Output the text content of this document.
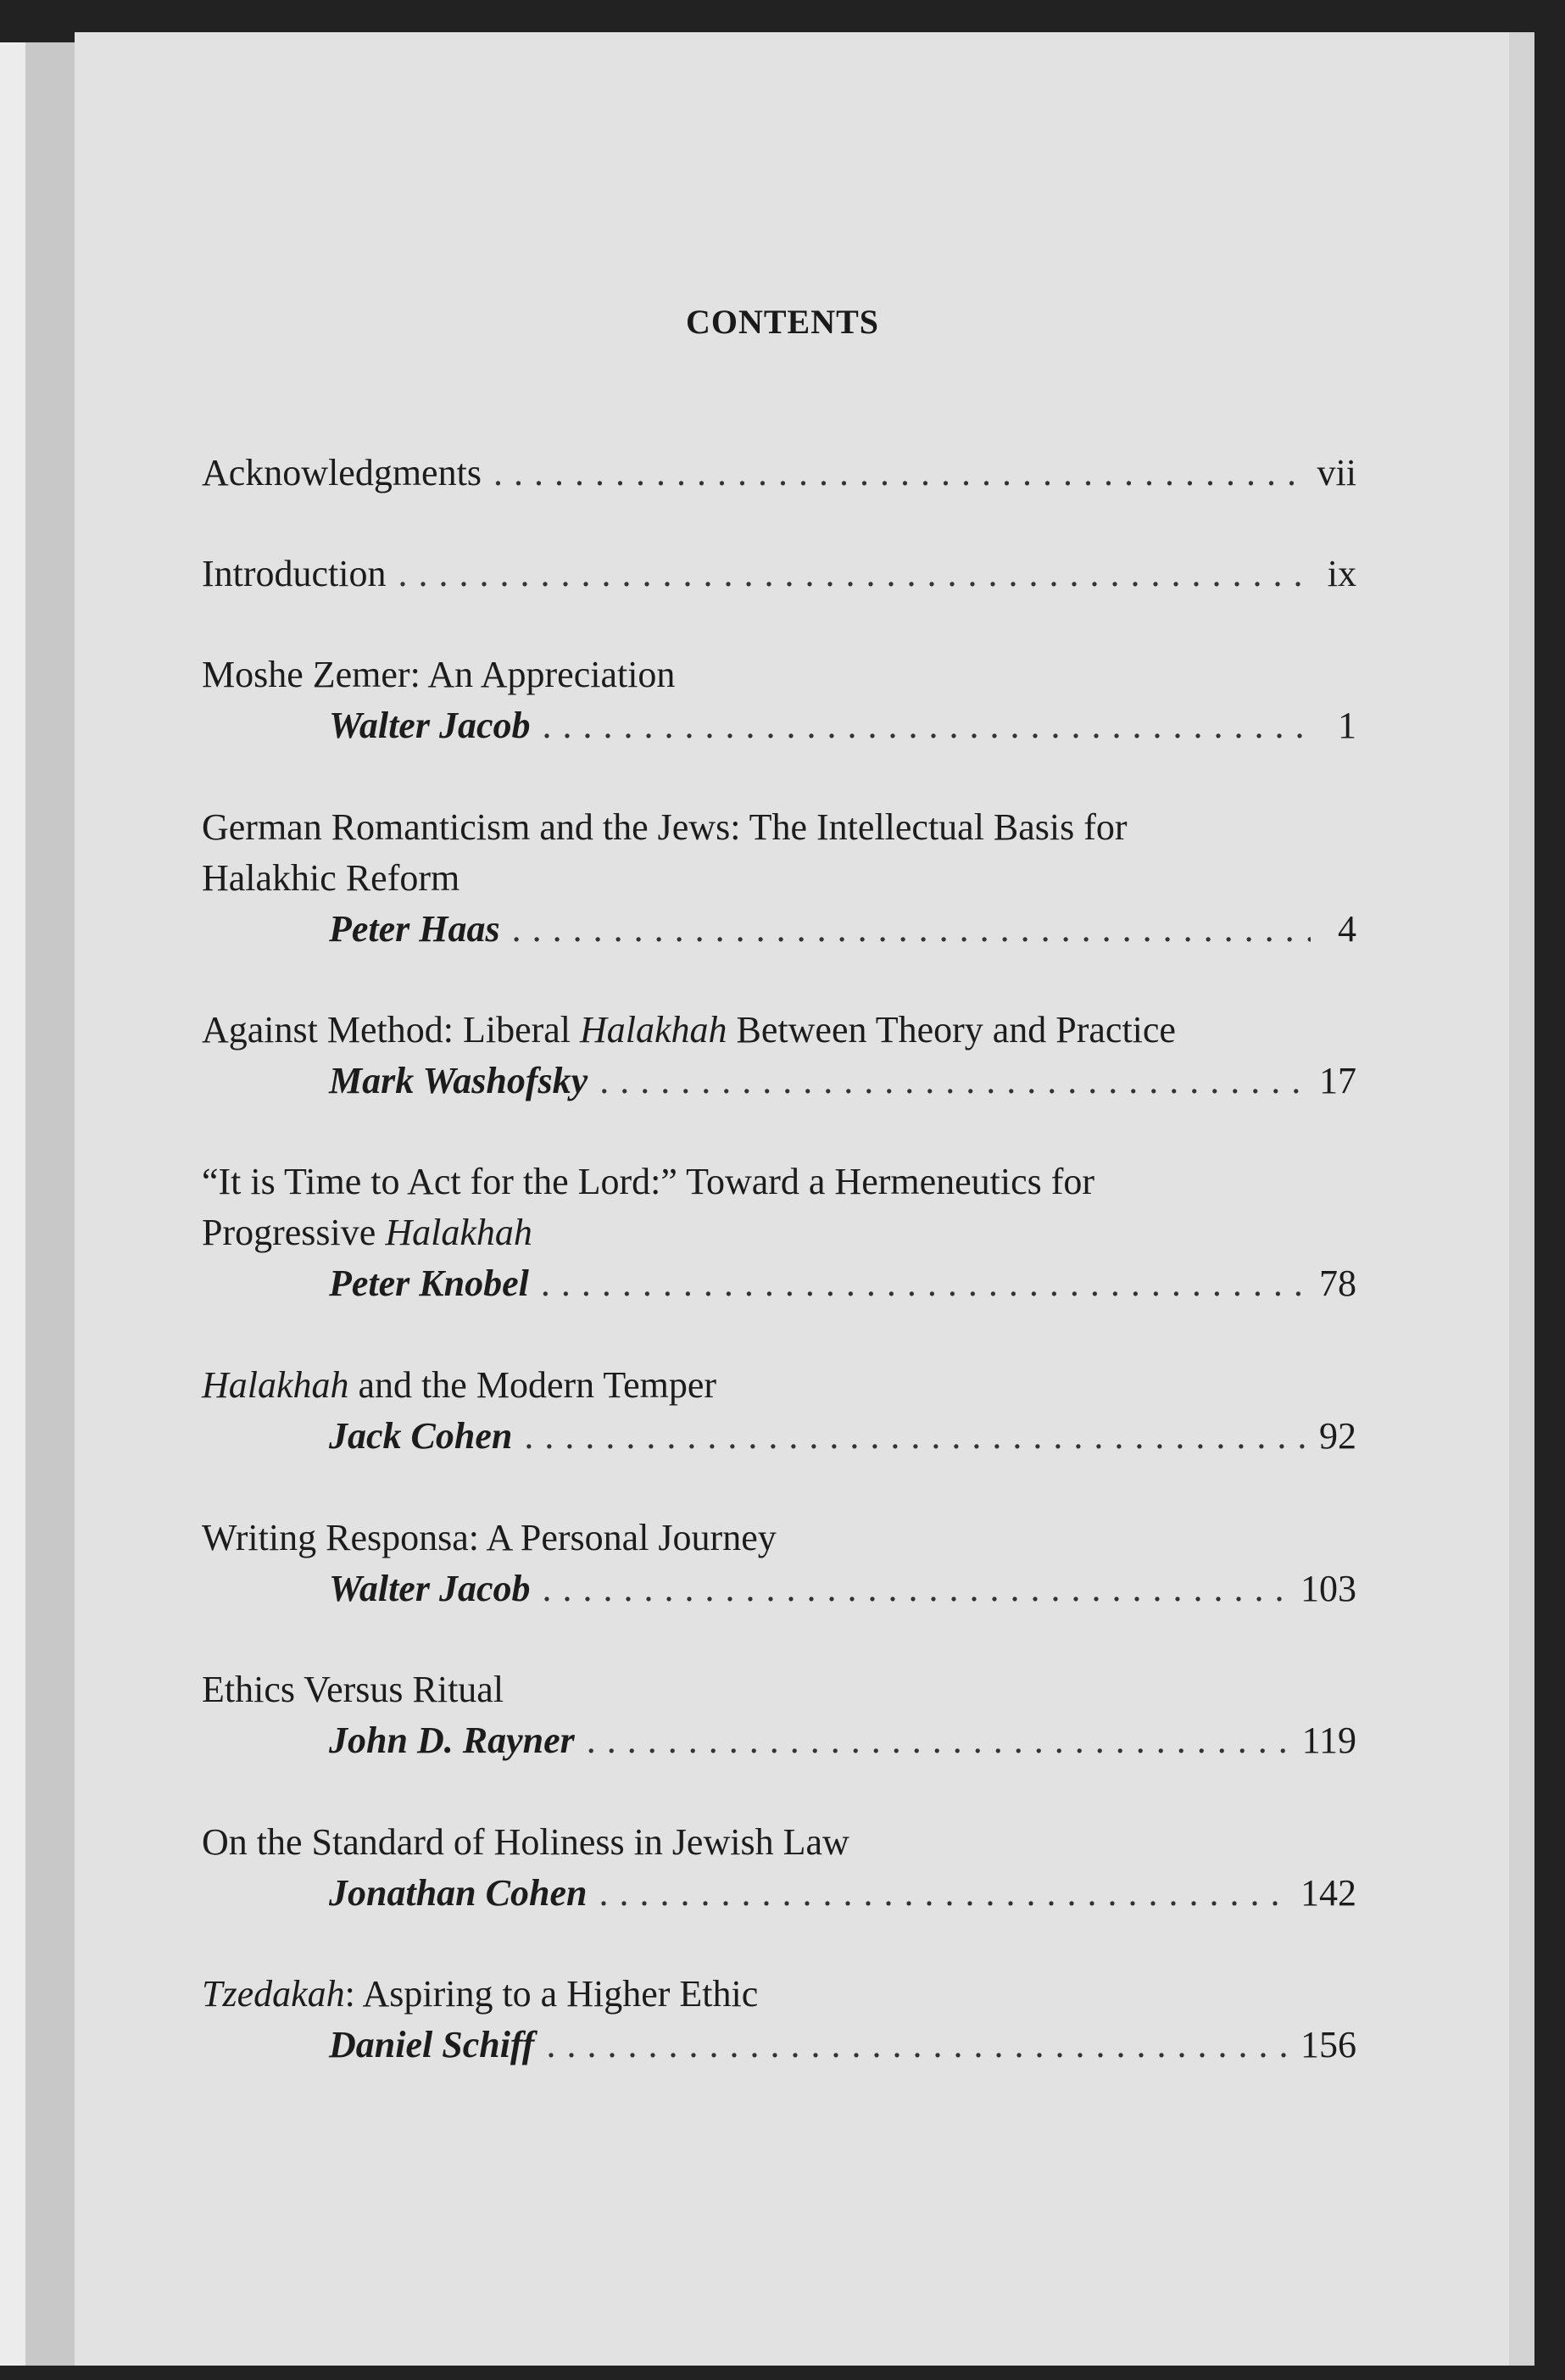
CONTENTS
Acknowledgments . . .	vii
Introduction . . .	ix
Moshe Zemer: An Appreciation
Walter Jacob . . .	1
German Romanticism and the Jews: The Intellectual Basis for
Halakhic Reform
Peter Haas . . .	4
Against Method: Liberal Halakhah Between Theory and Practice
Mark Washofsky . . .	17
“It is Time to Act for the Lord:” Toward a Hermeneutics for
Progressive Halakhah
Peter Knobel . . .	78
Halakhah and the Modern Temper
Jack Cohen . . .	92
Writing Responsa: A Personal Journey
Walter Jacob . . .	103
Ethics Versus Ritual
John D. Rayner . . .	119
On the Standard of Holiness in Jewish Law
Jonathan Cohen . . .	142
Tzedakah: Aspiring to a Higher Ethic
Daniel Schiff . . .	156
